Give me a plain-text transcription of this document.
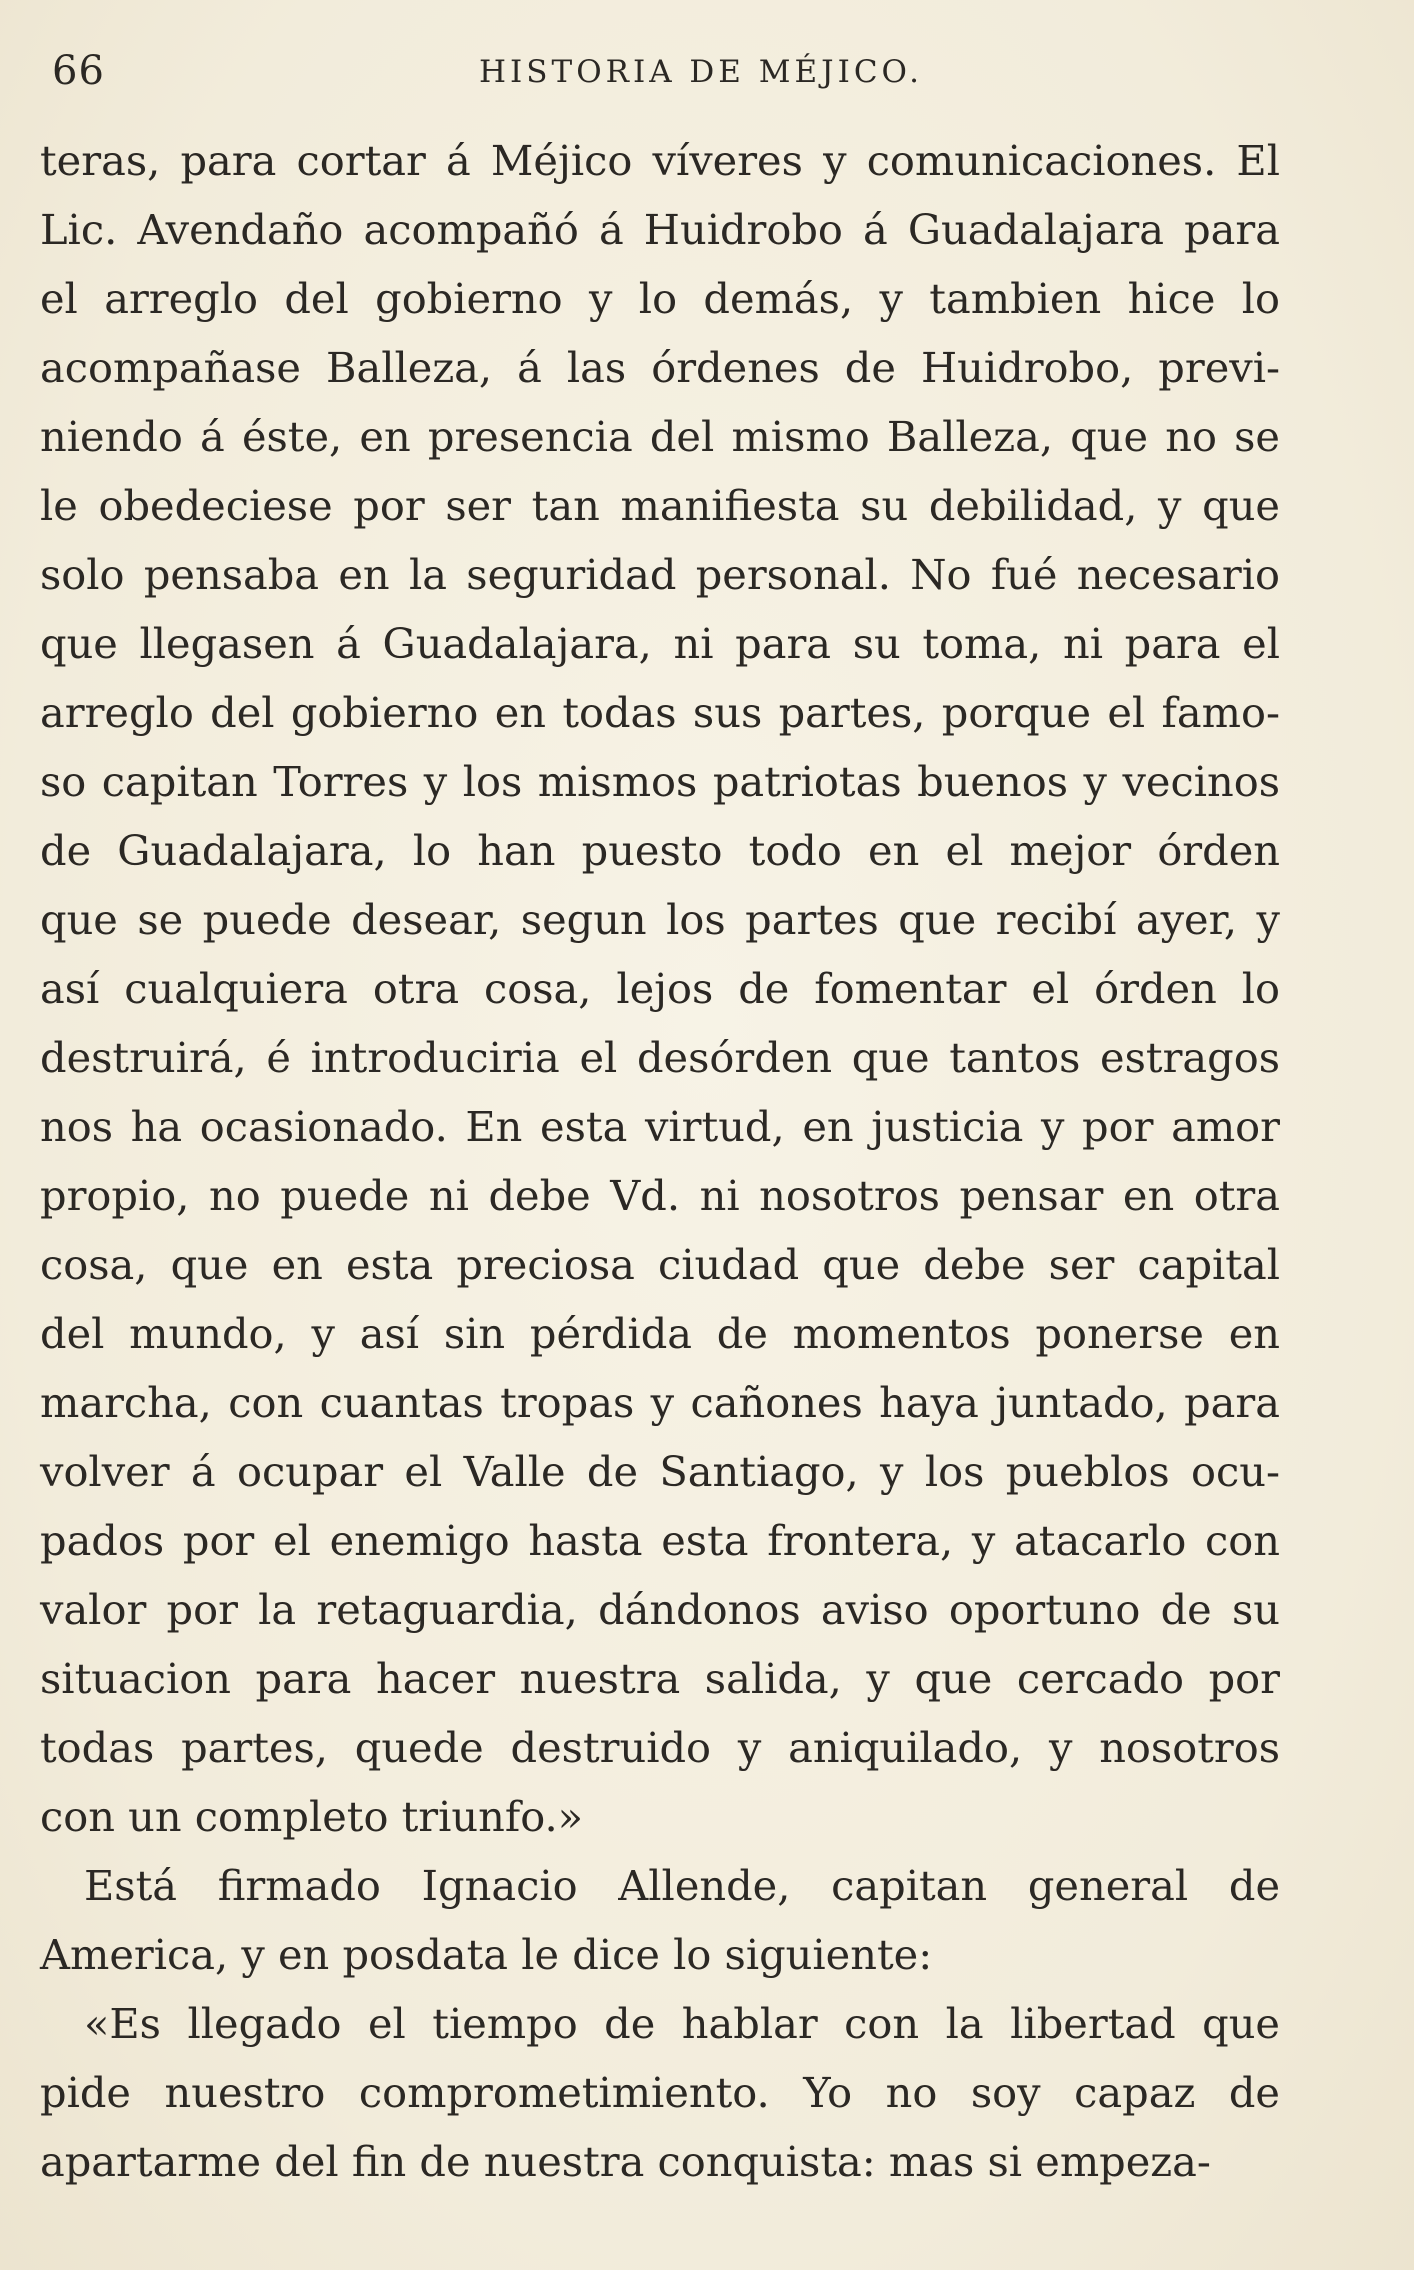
66	HISTORIA DE MÉJICO.
teras, para cortar á Méjico víveres y comunicaciones. El
Lic. Avendaño acompañó á Huidrobo á Guadalajara para
el arreglo del gobierno y lo demás, y tambien hice lo
acompañase Balleza, á las órdenes de Huidrobo, previ-
niendo á éste, en presencia del mismo Balleza, que no se
le obedeciese por ser tan manifiesta su debilidad, y que
solo pensaba en la seguridad personal. No fué necesario
que llegasen á Guadalajara, ni para su toma, ni para el
arreglo del gobierno en todas sus partes, porque el famo-
so capitan Torres y los mismos patriotas buenos y vecinos
de Guadalajara, lo han puesto todo en el mejor órden
que se puede desear, segun los partes que recibí ayer, y
así cualquiera otra cosa, lejos de fomentar el órden lo
destruirá, é introduciria el desórden que tantos estragos
nos ha ocasionado. En esta virtud, en justicia y por amor
propio, no puede ni debe Vd. ni nosotros pensar en otra
cosa, que en esta preciosa ciudad que debe ser capital
del mundo, y así sin pérdida de momentos ponerse en
marcha, con cuantas tropas y cañones haya juntado, para
volver á ocupar el Valle de Santiago, y los pueblos ocu-
pados por el enemigo hasta esta frontera, y atacarlo con
valor por la retaguardia, dándonos aviso oportuno de su
situacion para hacer nuestra salida, y que cercado por
todas partes, quede destruido y aniquilado, y nosotros
con un completo triunfo.»
Está firmado Ignacio Allende, capitan general de
America, y en posdata le dice lo siguiente:
«Es llegado el tiempo de hablar con la libertad que
pide nuestro comprometimiento. Yo no soy capaz de
apartarme del fin de nuestra conquista: mas si empeza-
